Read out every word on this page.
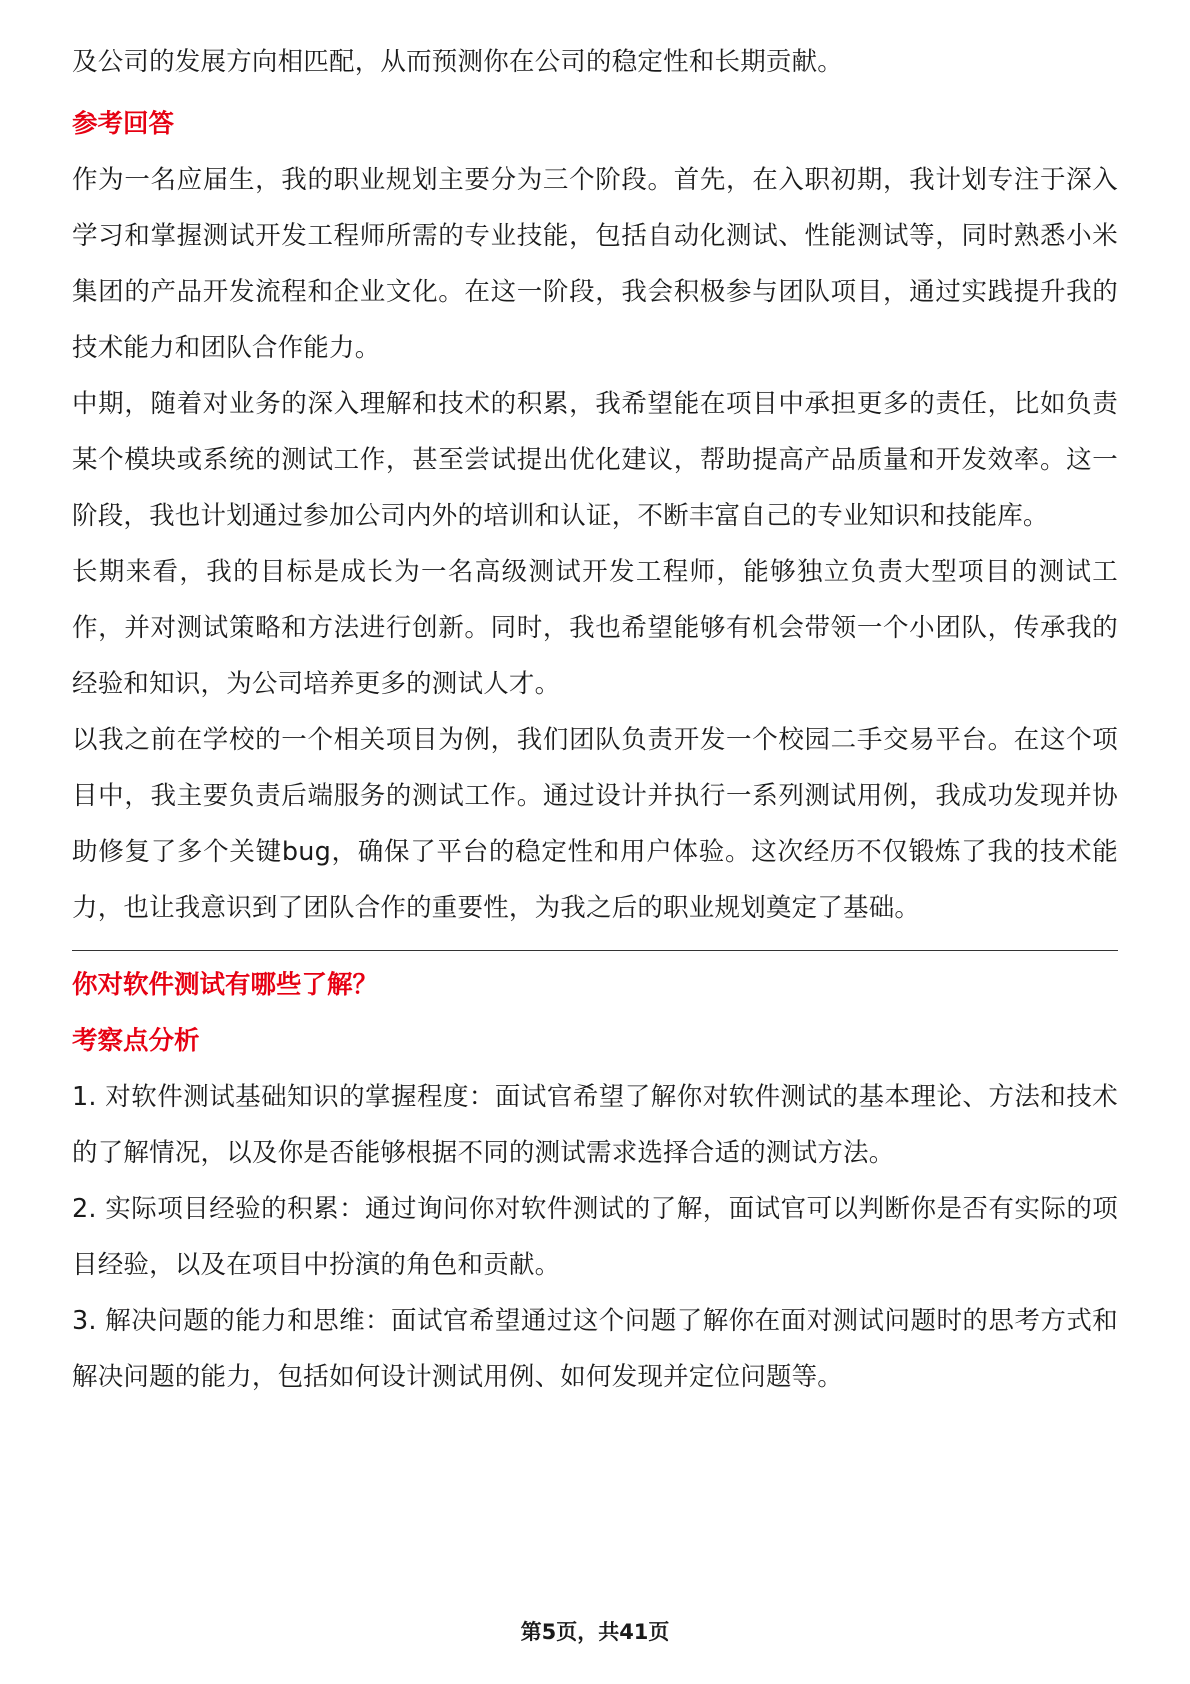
及公司的发展方向相匹配，从而预测你在公司的稳定性和长期贡献。

参考回答

作为一名应届生，我的职业规划主要分为三个阶段。首先，在入职初期，我计划专注于深入学习和掌握测试开发工程师所需的专业技能，包括自动化测试、性能测试等，同时熟悉小米集团的产品开发流程和企业文化。在这一阶段，我会积极参与团队项目，通过实践提升我的技术能力和团队合作能力。

中期，随着对业务的深入理解和技术的积累，我希望能在项目中承担更多的责任，比如负责某个模块或系统的测试工作，甚至尝试提出优化建议，帮助提高产品质量和开发效率。这一阶段，我也计划通过参加公司内外的培训和认证，不断丰富自己的专业知识和技能库。

长期来看，我的目标是成长为一名高级测试开发工程师，能够独立负责大型项目的测试工作，并对测试策略和方法进行创新。同时，我也希望能够有机会带领一个小团队，传承我的经验和知识，为公司培养更多的测试人才。

以我之前在学校的一个相关项目为例，我们团队负责开发一个校园二手交易平台。在这个项目中，我主要负责后端服务的测试工作。通过设计并执行一系列测试用例，我成功发现并协助修复了多个关键bug，确保了平台的稳定性和用户体验。这次经历不仅锻炼了我的技术能力，也让我意识到了团队合作的重要性，为我之后的职业规划奠定了基础。

你对软件测试有哪些了解？

考察点分析

1. 对软件测试基础知识的掌握程度：面试官希望了解你对软件测试的基本理论、方法和技术的了解情况，以及你是否能够根据不同的测试需求选择合适的测试方法。

2. 实际项目经验的积累：通过询问你对软件测试的了解，面试官可以判断你是否有实际的项目经验，以及在项目中扮演的角色和贡献。

3. 解决问题的能力和思维：面试官希望通过这个问题了解你在面对测试问题时的思考方式和解决问题的能力，包括如何设计测试用例、如何发现并定位问题等。

第5页，共41页
